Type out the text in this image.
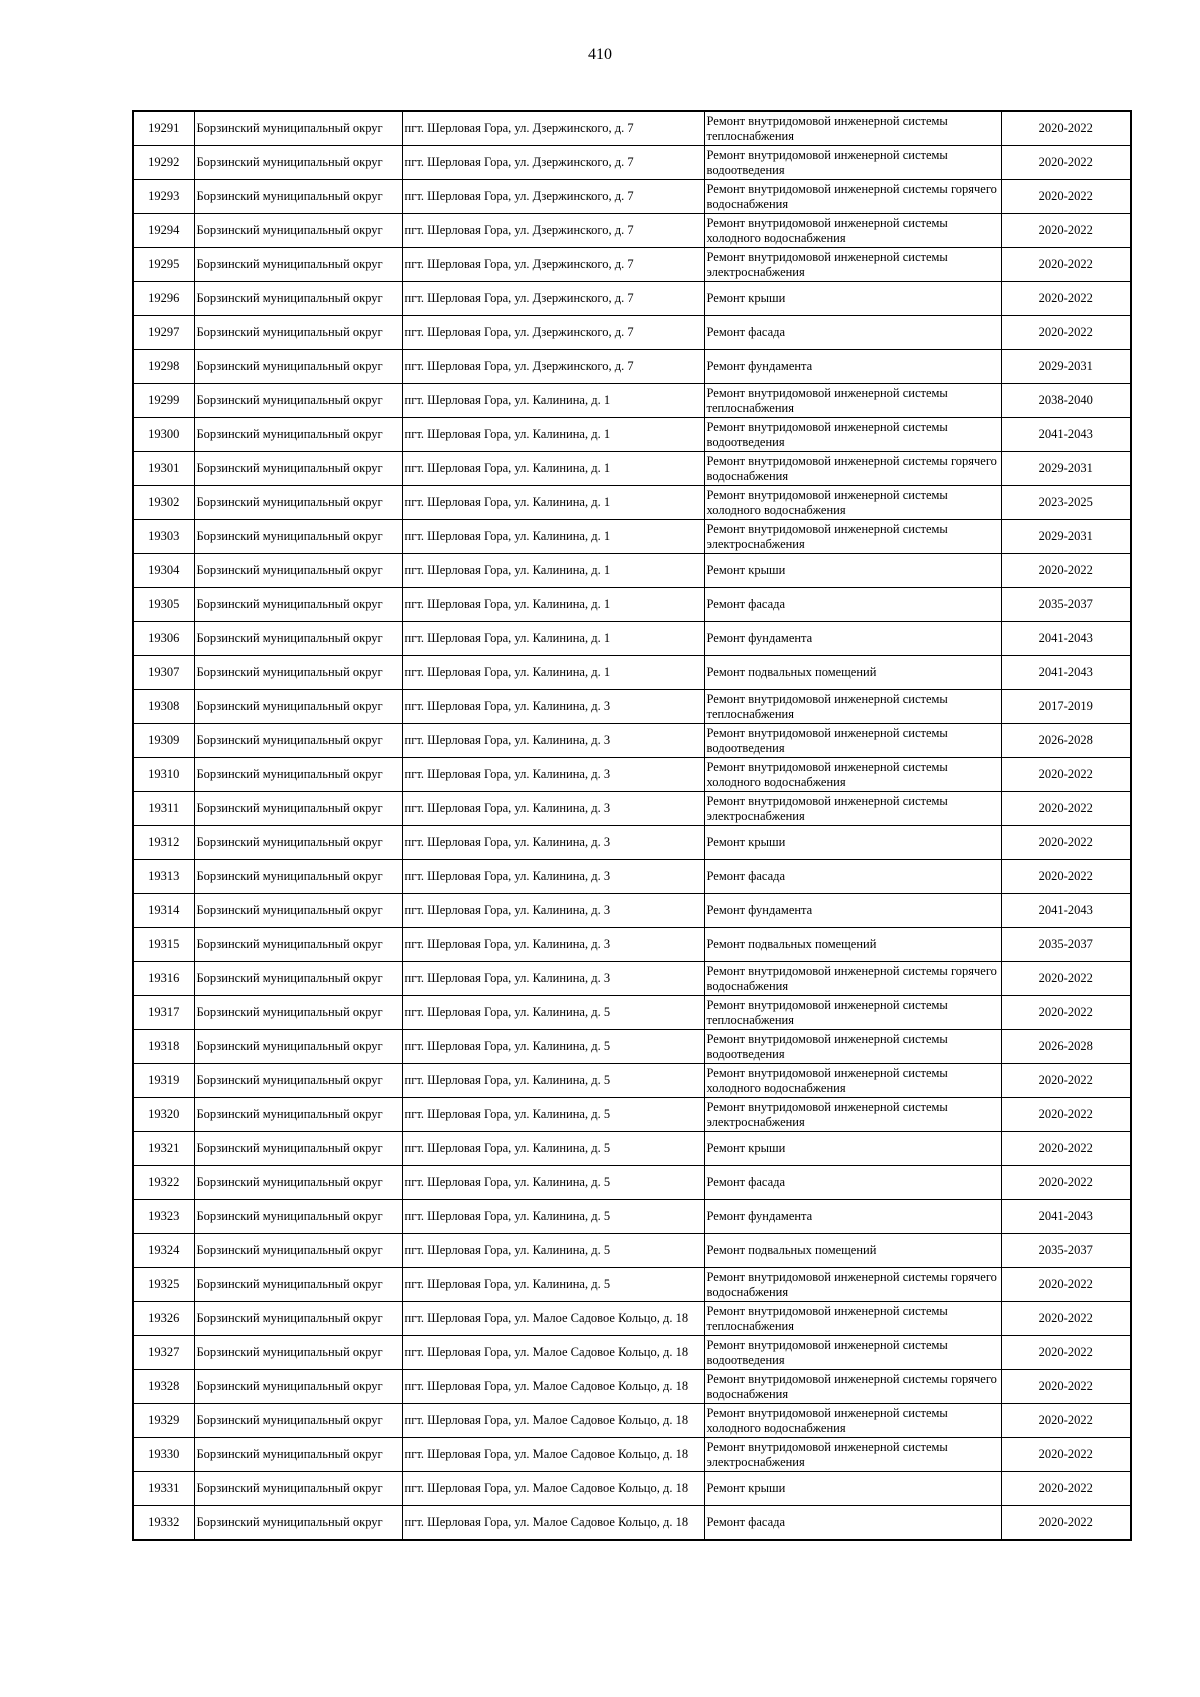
410
19291	Борзинский муниципальный округ	пгт. Шерловая Гора, ул. Дзержинского, д. 7	Ремонт внутридомовой инженерной системы теплоснабжения	2020-2022
19292	Борзинский муниципальный округ	пгт. Шерловая Гора, ул. Дзержинского, д. 7	Ремонт внутридомовой инженерной системы водоотведения	2020-2022
19293	Борзинский муниципальный округ	пгт. Шерловая Гора, ул. Дзержинского, д. 7	Ремонт внутридомовой инженерной системы горячего водоснабжения	2020-2022
19294	Борзинский муниципальный округ	пгт. Шерловая Гора, ул. Дзержинского, д. 7	Ремонт внутридомовой инженерной системы холодного водоснабжения	2020-2022
19295	Борзинский муниципальный округ	пгт. Шерловая Гора, ул. Дзержинского, д. 7	Ремонт внутридомовой инженерной системы электроснабжения	2020-2022
19296	Борзинский муниципальный округ	пгт. Шерловая Гора, ул. Дзержинского, д. 7	Ремонт крыши	2020-2022
19297	Борзинский муниципальный округ	пгт. Шерловая Гора, ул. Дзержинского, д. 7	Ремонт фасада	2020-2022
19298	Борзинский муниципальный округ	пгт. Шерловая Гора, ул. Дзержинского, д. 7	Ремонт фундамента	2029-2031
19299	Борзинский муниципальный округ	пгт. Шерловая Гора, ул. Калинина, д. 1	Ремонт внутридомовой инженерной системы теплоснабжения	2038-2040
19300	Борзинский муниципальный округ	пгт. Шерловая Гора, ул. Калинина, д. 1	Ремонт внутридомовой инженерной системы водоотведения	2041-2043
19301	Борзинский муниципальный округ	пгт. Шерловая Гора, ул. Калинина, д. 1	Ремонт внутридомовой инженерной системы горячего водоснабжения	2029-2031
19302	Борзинский муниципальный округ	пгт. Шерловая Гора, ул. Калинина, д. 1	Ремонт внутридомовой инженерной системы холодного водоснабжения	2023-2025
19303	Борзинский муниципальный округ	пгт. Шерловая Гора, ул. Калинина, д. 1	Ремонт внутридомовой инженерной системы электроснабжения	2029-2031
19304	Борзинский муниципальный округ	пгт. Шерловая Гора, ул. Калинина, д. 1	Ремонт крыши	2020-2022
19305	Борзинский муниципальный округ	пгт. Шерловая Гора, ул. Калинина, д. 1	Ремонт фасада	2035-2037
19306	Борзинский муниципальный округ	пгт. Шерловая Гора, ул. Калинина, д. 1	Ремонт фундамента	2041-2043
19307	Борзинский муниципальный округ	пгт. Шерловая Гора, ул. Калинина, д. 1	Ремонт подвальных помещений	2041-2043
19308	Борзинский муниципальный округ	пгт. Шерловая Гора, ул. Калинина, д. 3	Ремонт внутридомовой инженерной системы теплоснабжения	2017-2019
19309	Борзинский муниципальный округ	пгт. Шерловая Гора, ул. Калинина, д. 3	Ремонт внутридомовой инженерной системы водоотведения	2026-2028
19310	Борзинский муниципальный округ	пгт. Шерловая Гора, ул. Калинина, д. 3	Ремонт внутридомовой инженерной системы холодного водоснабжения	2020-2022
19311	Борзинский муниципальный округ	пгт. Шерловая Гора, ул. Калинина, д. 3	Ремонт внутридомовой инженерной системы электроснабжения	2020-2022
19312	Борзинский муниципальный округ	пгт. Шерловая Гора, ул. Калинина, д. 3	Ремонт крыши	2020-2022
19313	Борзинский муниципальный округ	пгт. Шерловая Гора, ул. Калинина, д. 3	Ремонт фасада	2020-2022
19314	Борзинский муниципальный округ	пгт. Шерловая Гора, ул. Калинина, д. 3	Ремонт фундамента	2041-2043
19315	Борзинский муниципальный округ	пгт. Шерловая Гора, ул. Калинина, д. 3	Ремонт подвальных помещений	2035-2037
19316	Борзинский муниципальный округ	пгт. Шерловая Гора, ул. Калинина, д. 3	Ремонт внутридомовой инженерной системы горячего водоснабжения	2020-2022
19317	Борзинский муниципальный округ	пгт. Шерловая Гора, ул. Калинина, д. 5	Ремонт внутридомовой инженерной системы теплоснабжения	2020-2022
19318	Борзинский муниципальный округ	пгт. Шерловая Гора, ул. Калинина, д. 5	Ремонт внутридомовой инженерной системы водоотведения	2026-2028
19319	Борзинский муниципальный округ	пгт. Шерловая Гора, ул. Калинина, д. 5	Ремонт внутридомовой инженерной системы холодного водоснабжения	2020-2022
19320	Борзинский муниципальный округ	пгт. Шерловая Гора, ул. Калинина, д. 5	Ремонт внутридомовой инженерной системы электроснабжения	2020-2022
19321	Борзинский муниципальный округ	пгт. Шерловая Гора, ул. Калинина, д. 5	Ремонт крыши	2020-2022
19322	Борзинский муниципальный округ	пгт. Шерловая Гора, ул. Калинина, д. 5	Ремонт фасада	2020-2022
19323	Борзинский муниципальный округ	пгт. Шерловая Гора, ул. Калинина, д. 5	Ремонт фундамента	2041-2043
19324	Борзинский муниципальный округ	пгт. Шерловая Гора, ул. Калинина, д. 5	Ремонт подвальных помещений	2035-2037
19325	Борзинский муниципальный округ	пгт. Шерловая Гора, ул. Калинина, д. 5	Ремонт внутридомовой инженерной системы горячего водоснабжения	2020-2022
19326	Борзинский муниципальный округ	пгт. Шерловая Гора, ул. Малое Садовое Кольцо, д. 18	Ремонт внутридомовой инженерной системы теплоснабжения	2020-2022
19327	Борзинский муниципальный округ	пгт. Шерловая Гора, ул. Малое Садовое Кольцо, д. 18	Ремонт внутридомовой инженерной системы водоотведения	2020-2022
19328	Борзинский муниципальный округ	пгт. Шерловая Гора, ул. Малое Садовое Кольцо, д. 18	Ремонт внутридомовой инженерной системы горячего водоснабжения	2020-2022
19329	Борзинский муниципальный округ	пгт. Шерловая Гора, ул. Малое Садовое Кольцо, д. 18	Ремонт внутридомовой инженерной системы холодного водоснабжения	2020-2022
19330	Борзинский муниципальный округ	пгт. Шерловая Гора, ул. Малое Садовое Кольцо, д. 18	Ремонт внутридомовой инженерной системы электроснабжения	2020-2022
19331	Борзинский муниципальный округ	пгт. Шерловая Гора, ул. Малое Садовое Кольцо, д. 18	Ремонт крыши	2020-2022
19332	Борзинский муниципальный округ	пгт. Шерловая Гора, ул. Малое Садовое Кольцо, д. 18	Ремонт фасада	2020-2022
